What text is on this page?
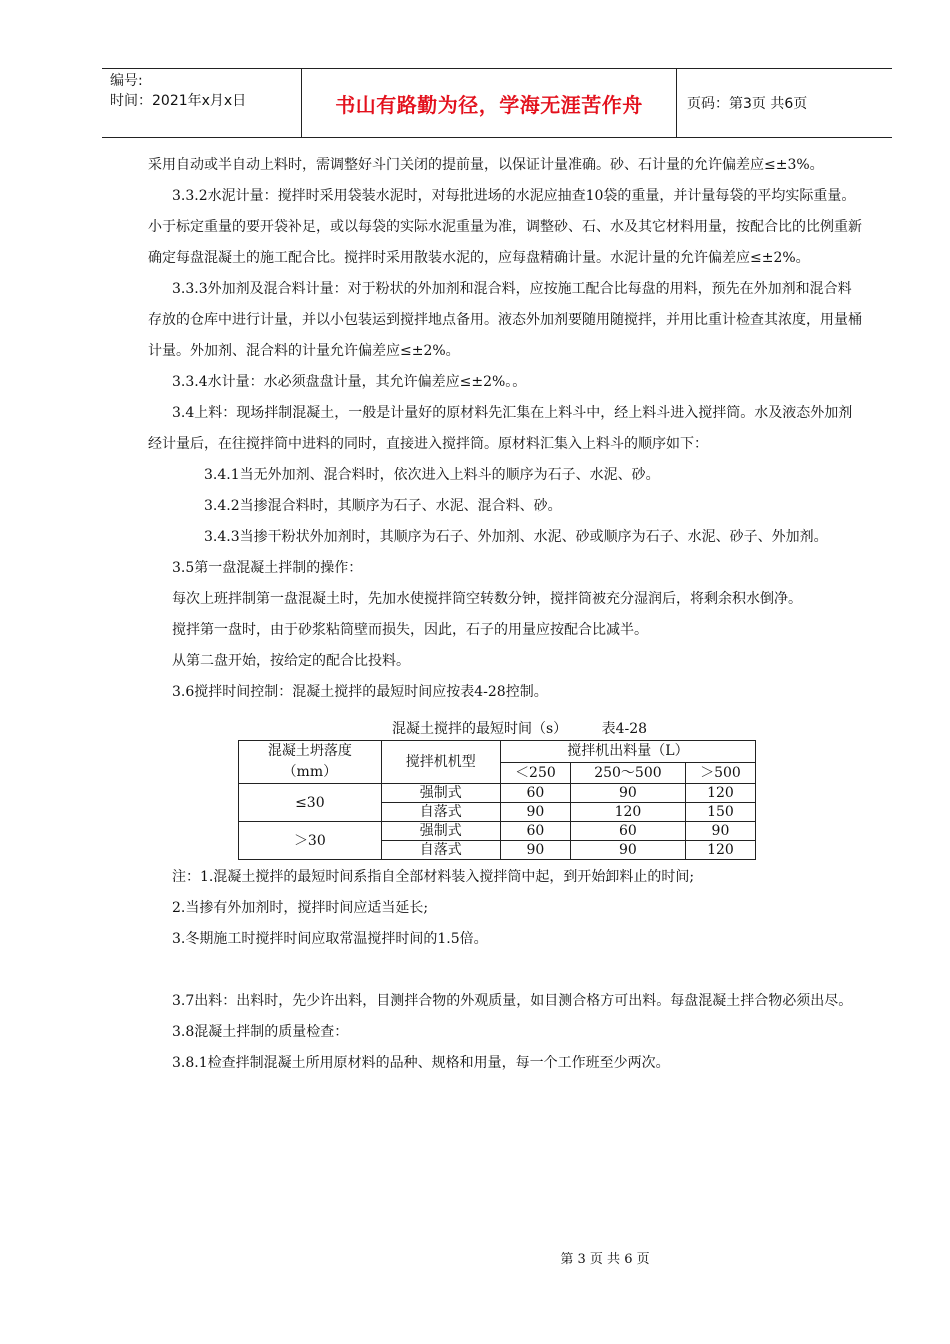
编号:
时间：2021年x月x日	书山有路勤为径，学海无涯苦作舟	页码：第3页 共6页

采用自动或半自动上料时，需调整好斗门关闭的提前量，以保证计量准确。砂、石计量的允许偏差应≤±3%。

3.3.2水泥计量：搅拌时采用袋装水泥时，对每批进场的水泥应抽查10袋的重量，并计量每袋的平均实际重量。小于标定重量的要开袋补足，或以每袋的实际水泥重量为准，调整砂、石、水及其它材料用量，按配合比的比例重新确定每盘混凝土的施工配合比。搅拌时采用散装水泥的，应每盘精确计量。水泥计量的允许偏差应≤±2%。

3.3.3外加剂及混合料计量：对于粉状的外加剂和混合料，应按施工配合比每盘的用料，预先在外加剂和混合料存放的仓库中进行计量，并以小包装运到搅拌地点备用。液态外加剂要随用随搅拌，并用比重计检查其浓度，用量桶计量。外加剂、混合料的计量允许偏差应≤±2%。

3.3.4水计量：水必须盘盘计量，其允许偏差应≤±2%。。

3.4上料：现场拌制混凝土，一般是计量好的原材料先汇集在上料斗中，经上料斗进入搅拌筒。水及液态外加剂经计量后，在往搅拌筒中进料的同时，直接进入搅拌筒。原材料汇集入上料斗的顺序如下：

3.4.1当无外加剂、混合料时，依次进入上料斗的顺序为石子、水泥、砂。

3.4.2当掺混合料时，其顺序为石子、水泥、混合料、砂。

3.4.3当掺干粉状外加剂时，其顺序为石子、外加剂、水泥、砂或顺序为石子、水泥、砂子、外加剂。

3.5第一盘混凝土拌制的操作：

每次上班拌制第一盘混凝土时，先加水使搅拌筒空转数分钟，搅拌筒被充分湿润后，将剩余积水倒净。

搅拌第一盘时，由于砂浆粘筒壁而损失，因此，石子的用量应按配合比减半。

从第二盘开始，按给定的配合比投料。

3.6搅拌时间控制：混凝土搅拌的最短时间应按表4-28控制。

混凝土搅拌的最短时间（s） 表4-28
混凝土坍落度
（mm）	搅拌机机型	搅拌机出料量（L）		
		＜250	250～500	＞500
≤30	强制式	60	90	120
	自落式	90	120	150
＞30	强制式	60	60	90
	自落式	90	90	120

注：1.混凝土搅拌的最短时间系指自全部材料装入搅拌筒中起，到开始卸料止的时间;

2.当掺有外加剂时，搅拌时间应适当延长;

3.冬期施工时搅拌时间应取常温搅拌时间的1.5倍。

3.7出料：出料时，先少许出料，目测拌合物的外观质量，如目测合格方可出料。每盘混凝土拌合物必须出尽。

3.8混凝土拌制的质量检查：

3.8.1检查拌制混凝土所用原材料的品种、规格和用量，每一个工作班至少两次。

第 3 页 共 6 页
